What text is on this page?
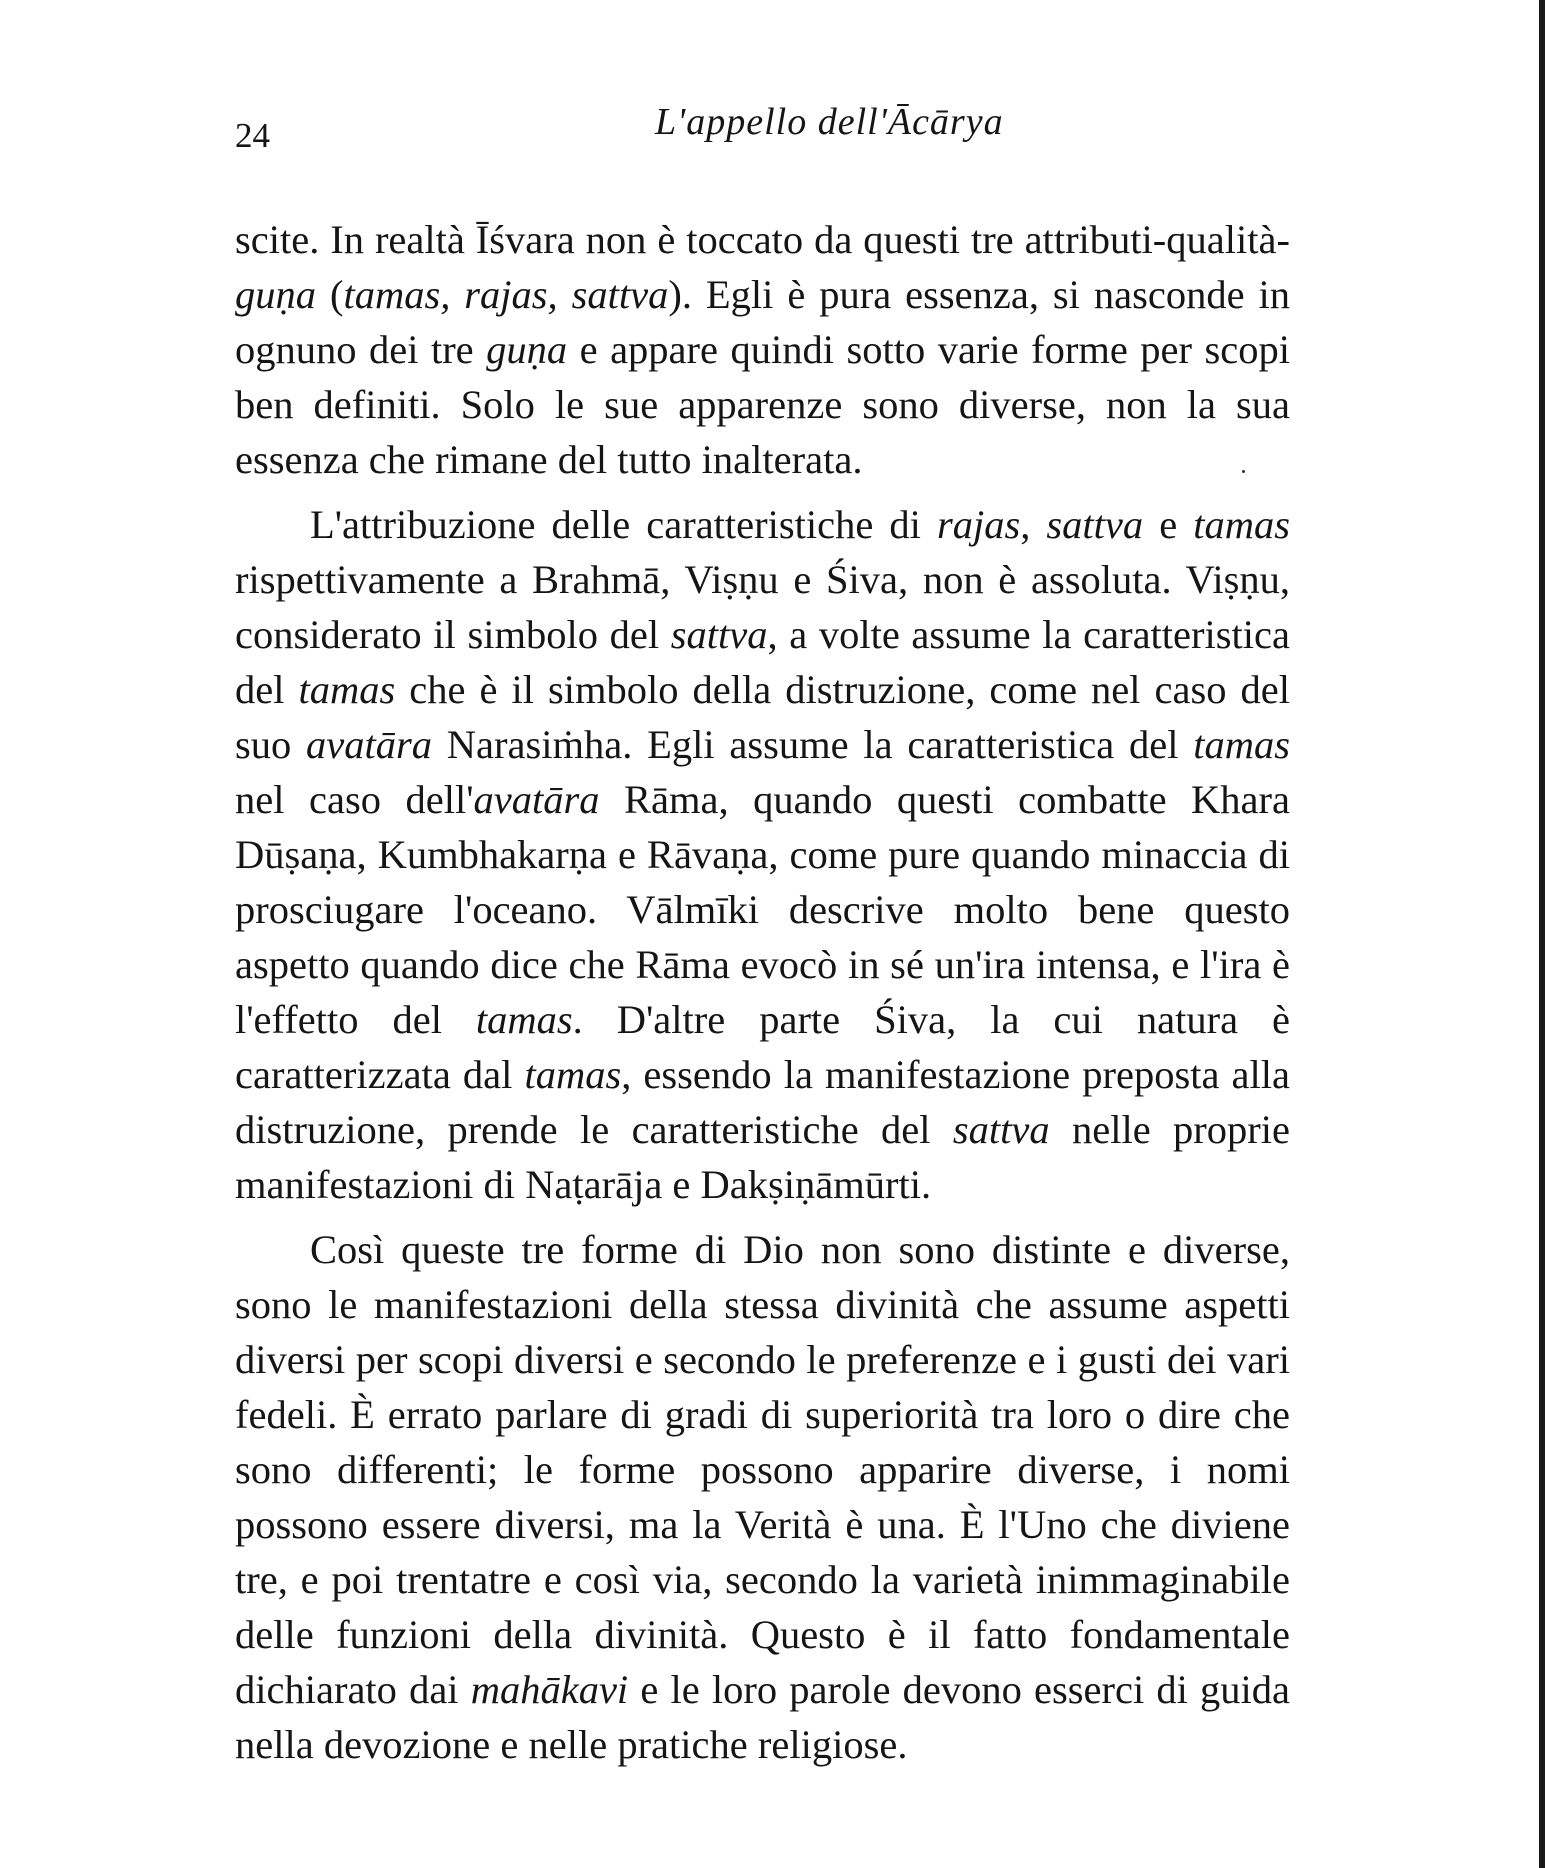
24	L'appello dell'Ācārya

scite. In realtà Īśvara non è toccato da questi tre attributi-qualità-guṇa (tamas, rajas, sattva). Egli è pura essenza, si nasconde in ognuno dei tre guṇa e appare quindi sotto varie forme per scopi ben definiti. Solo le sue apparenze sono diverse, non la sua essenza che rimane del tutto inalterata.

L'attribuzione delle caratteristiche di rajas, sattva e tamas rispettivamente a Brahmā, Viṣṇu e Śiva, non è assoluta. Viṣṇu, considerato il simbolo del sattva, a volte assume la caratteristica del tamas che è il simbolo della distruzione, come nel caso del suo avatāra Narasiṁha. Egli assume la caratteristica del tamas nel caso dell'avatāra Rāma, quando questi combatte Khara Dūṣaṇa, Kumbhakarṇa e Rāvaṇa, come pure quando minaccia di prosciugare l'oceano. Vālmīki descrive molto bene questo aspetto quando dice che Rāma evocò in sé un'ira intensa, e l'ira è l'effetto del tamas. D'altre parte Śiva, la cui natura è caratterizzata dal tamas, essendo la manifestazione preposta alla distruzione, prende le caratteristiche del sattva nelle proprie manifestazioni di Naṭarāja e Dakṣiṇāmūrti.

Così queste tre forme di Dio non sono distinte e diverse, sono le manifestazioni della stessa divinità che assume aspetti diversi per scopi diversi e secondo le preferenze e i gusti dei vari fedeli. È errato parlare di gradi di superiorità tra loro o dire che sono differenti; le forme possono apparire diverse, i nomi possono essere diversi, ma la Verità è una. È l'Uno che diviene tre, e poi trentatre e così via, secondo la varietà inimmaginabile delle funzioni della divinità. Questo è il fatto fondamentale dichiarato dai mahākavi e le loro parole devono esserci di guida nella devozione e nelle pratiche religiose.
